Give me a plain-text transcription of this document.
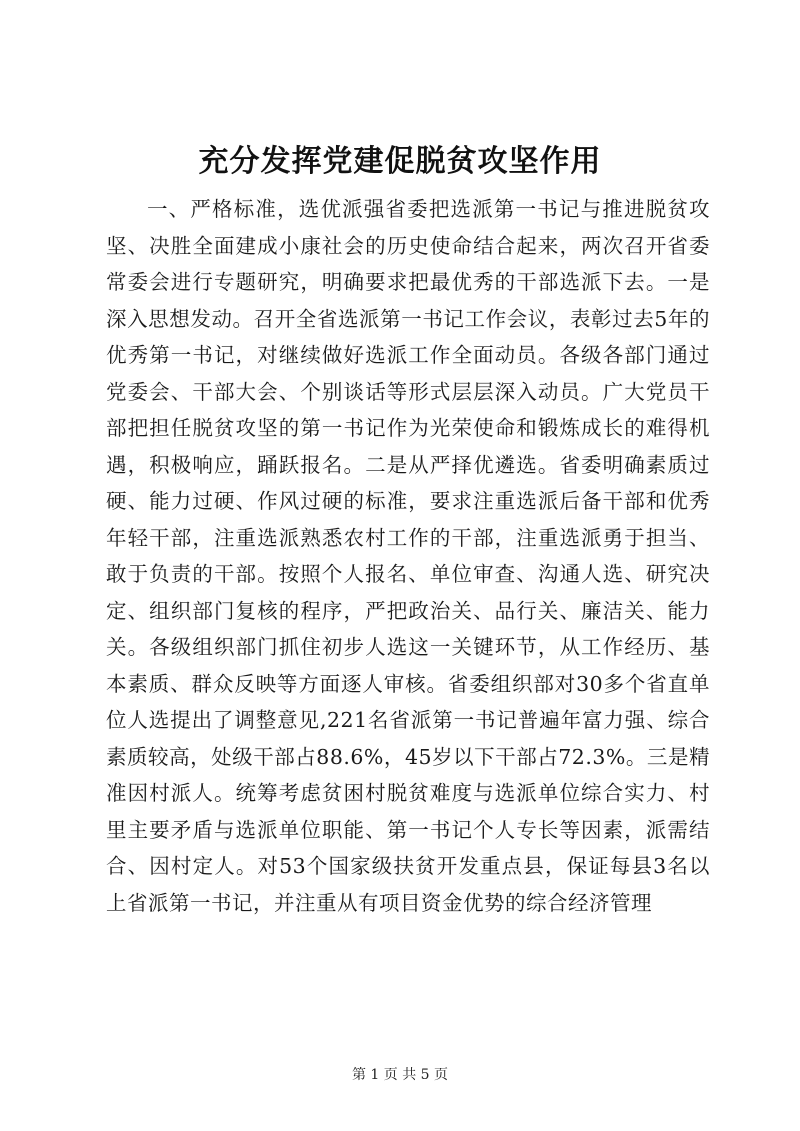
充分发挥党建促脱贫攻坚作用

一、严格标准，选优派强省委把选派第一书记与推进脱贫攻坚、决胜全面建成小康社会的历史使命结合起来，两次召开省委常委会进行专题研究，明确要求把最优秀的干部选派下去。一是深入思想发动。召开全省选派第一书记工作会议，表彰过去5年的优秀第一书记，对继续做好选派工作全面动员。各级各部门通过党委会、干部大会、个别谈话等形式层层深入动员。广大党员干部把担任脱贫攻坚的第一书记作为光荣使命和锻炼成长的难得机遇，积极响应，踊跃报名。二是从严择优遴选。省委明确素质过硬、能力过硬、作风过硬的标准，要求注重选派后备干部和优秀年轻干部，注重选派熟悉农村工作的干部，注重选派勇于担当、敢于负责的干部。按照个人报名、单位审查、沟通人选、研究决定、组织部门复核的程序，严把政治关、品行关、廉洁关、能力关。各级组织部门抓住初步人选这一关键环节，从工作经历、基本素质、群众反映等方面逐人审核。省委组织部对30多个省直单位人选提出了调整意见,221名省派第一书记普遍年富力强、综合素质较高，处级干部占88.6%，45岁以下干部占72.3%。三是精准因村派人。统筹考虑贫困村脱贫难度与选派单位综合实力、村里主要矛盾与选派单位职能、第一书记个人专长等因素，派需结合、因村定人。对53个国家级扶贫开发重点县，保证每县3名以上省派第一书记，并注重从有项目资金优势的综合经济管理

第 1 页 共 5 页
